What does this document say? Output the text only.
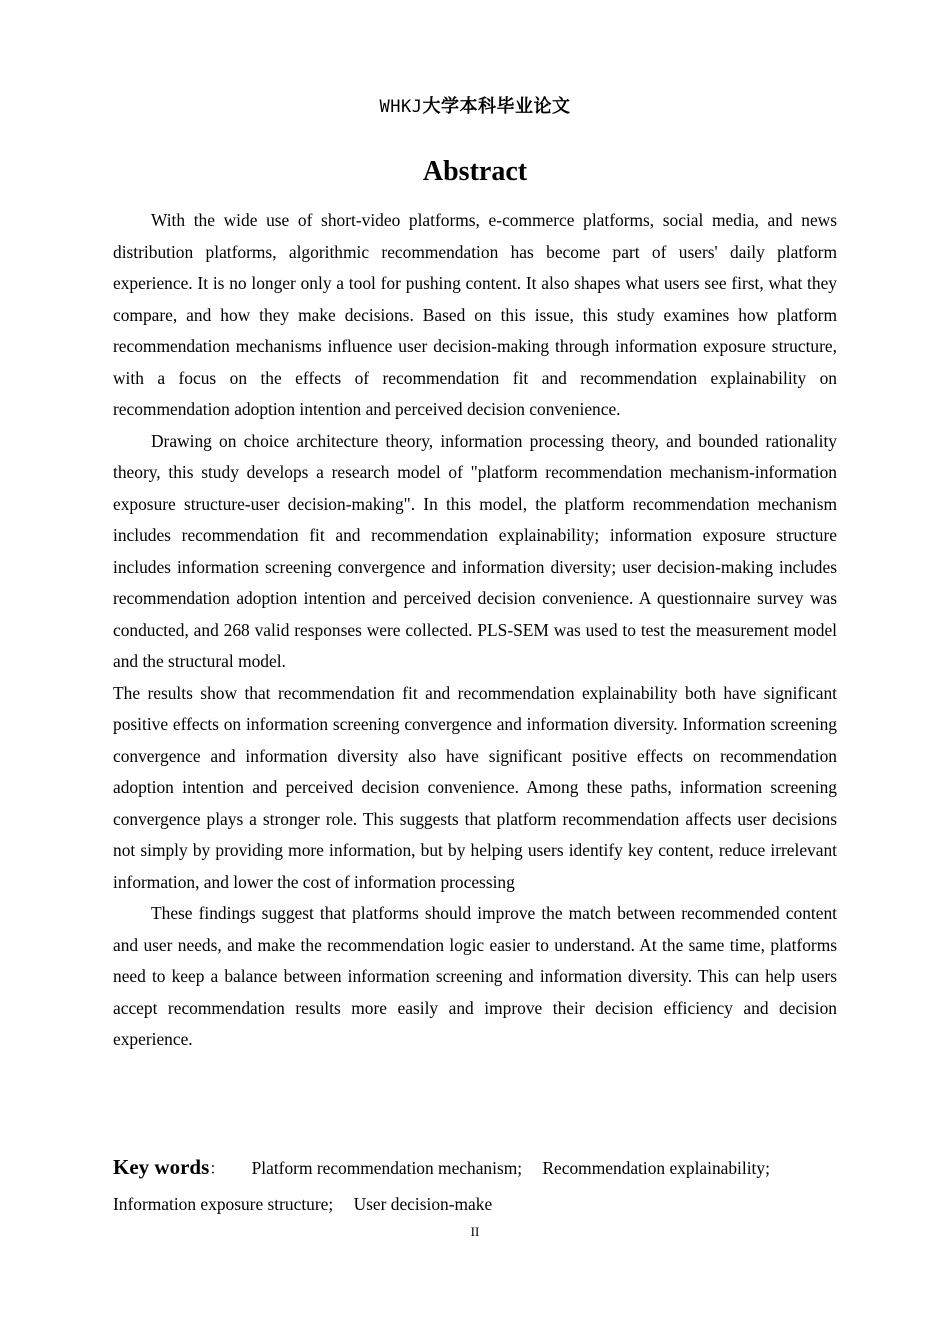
WHKJ大学本科毕业论文
Abstract

With the wide use of short-video platforms, e-commerce platforms, social media, and news distribution platforms, algorithmic recommendation has become part of users' daily platform experience. It is no longer only a tool for pushing content. It also shapes what users see first, what they compare, and how they make decisions. Based on this issue, this study examines how platform recommendation mechanisms influence user decision-making through information exposure structure, with a focus on the effects of recommendation fit and recommendation explainability on recommendation adoption intention and perceived decision convenience.

Drawing on choice architecture theory, information processing theory, and bounded rationality theory, this study develops a research model of "platform recommendation mechanism-information exposure structure-user decision-making". In this model, the platform recommendation mechanism includes recommendation fit and recommendation explainability; information exposure structure includes information screening convergence and information diversity; user decision-making includes recommendation adoption intention and perceived decision convenience. A questionnaire survey was conducted, and 268 valid responses were collected. PLS-SEM was used to test the measurement model and the structural model.

The results show that recommendation fit and recommendation explainability both have significant positive effects on information screening convergence and information diversity. Information screening convergence and information diversity also have significant positive effects on recommendation adoption intention and perceived decision convenience. Among these paths, information screening convergence plays a stronger role. This suggests that platform recommendation affects user decisions not simply by providing more information, but by helping users identify key content, reduce irrelevant information, and lower the cost of information processing

These findings suggest that platforms should improve the match between recommended content and user needs, and make the recommendation logic easier to understand. At the same time, platforms need to keep a balance between information screening and information diversity. This can help users accept recommendation results more easily and improve their decision efficiency and decision experience.

Key words： Platform recommendation mechanism; Recommendation explainability;
Information exposure structure; User decision-make
II
